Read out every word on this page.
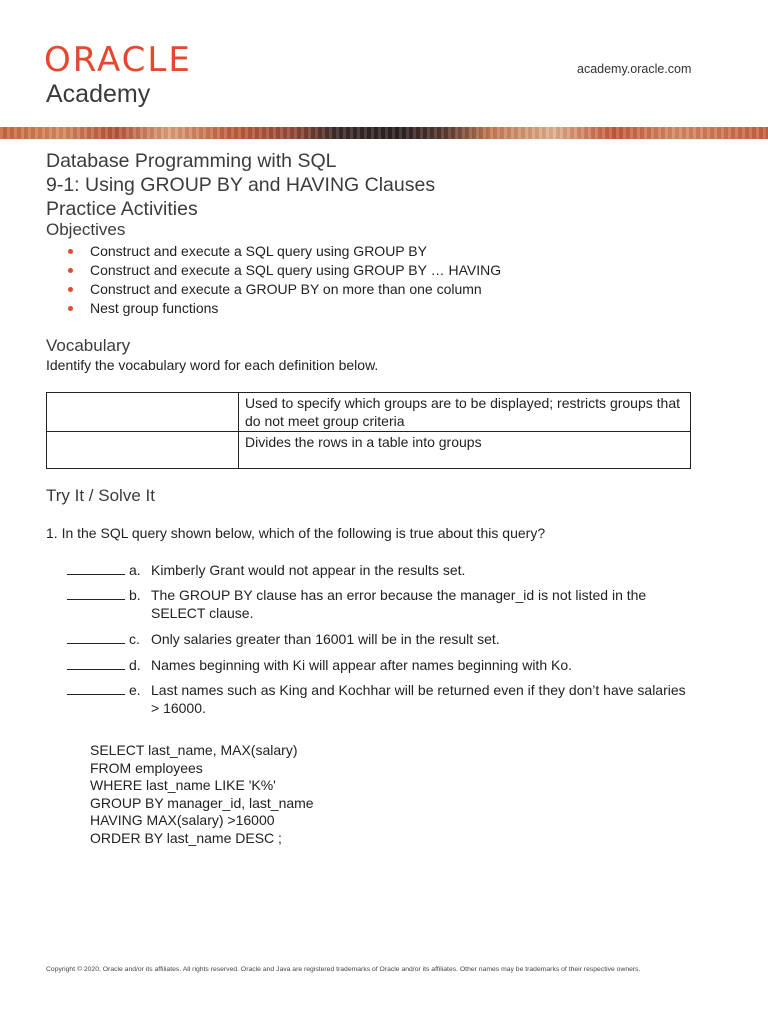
ORACLE
Academy
academy.oracle.com
Database Programming with SQL
9-1: Using GROUP BY and HAVING Clauses
Practice Activities
Objectives
Construct and execute a SQL query using GROUP BY
Construct and execute a SQL query using GROUP BY … HAVING
Construct and execute a GROUP BY on more than one column
Nest group functions
Vocabulary
Identify the vocabulary word for each definition below.
	Used to specify which groups are to be displayed; restricts groups that do not meet group criteria
	Divides the rows in a table into groups
Try It / Solve It
1. In the SQL query shown below, which of the following is true about this query?
a. Kimberly Grant would not appear in the results set.
b. The GROUP BY clause has an error because the manager_id is not listed in the SELECT clause.
c. Only salaries greater than 16001 will be in the result set.
d. Names beginning with Ki will appear after names beginning with Ko.
e. Last names such as King and Kochhar will be returned even if they don’t have salaries > 16000.
SELECT last_name, MAX(salary)
FROM employees
WHERE last_name LIKE 'K%'
GROUP BY manager_id, last_name
HAVING MAX(salary) >16000
ORDER BY last_name DESC ;
Copyright © 2020, Oracle and/or its affiliates. All rights reserved. Oracle and Java are registered trademarks of Oracle and/or its affiliates. Other names may be trademarks of their respective owners.
